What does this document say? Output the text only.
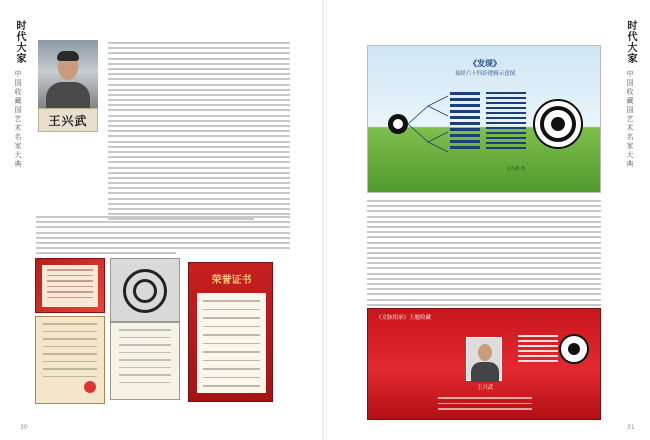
王兴武
荣誉证书
时代大家
中国收藏国艺术名家大典
30
《发现》
易经六十四卦逻辑示意图
王兴武 作
《文脉相承》主题收藏
王兴武
时代大家
中国收藏国艺术名家大典
31
